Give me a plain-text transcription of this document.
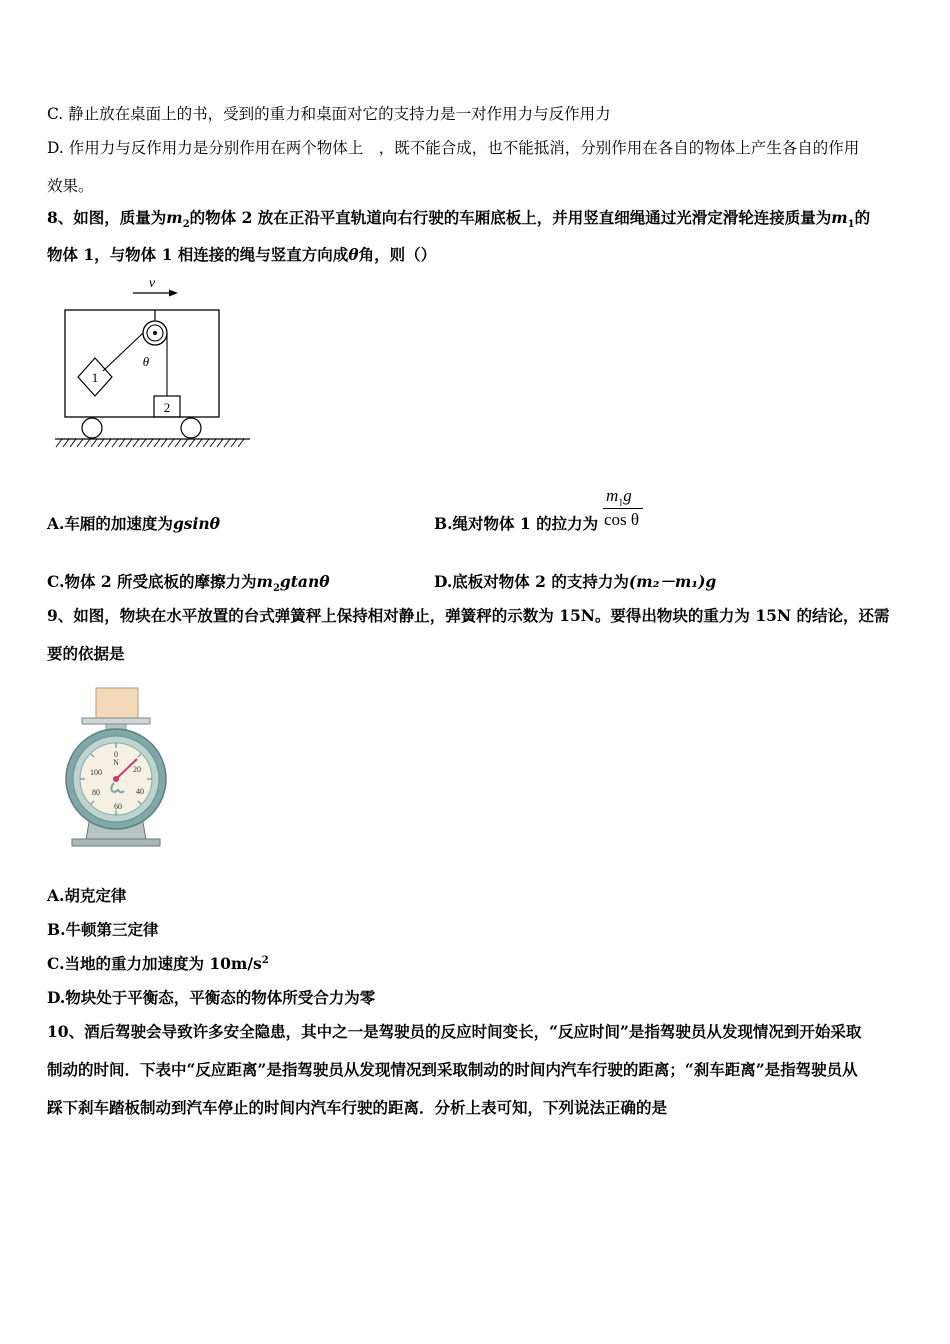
C. 静止放在桌面上的书，受到的重力和桌面对它的支持力是一对作用力与反作用力
D. 作用力与反作用力是分别作用在两个物体上　，既不能合成，也不能抵消，分别作用在各自的物体上产生各自的作用
效果。
8、如图，质量为$m_2$的物体 2 放在正沿平直轨道向右行驶的车厢底板上，并用竖直细绳通过光滑定滑轮连接质量为$m_1$的
物体 1，与物体 1 相连接的绳与竖直方向成θ角，则（）
v
θ
1
2
A.车厢的加速度为gsinθ	B.绳对物体 1 的拉力为
$m_1g$
cos θ
C.物体 2 所受底板的摩擦力为$m_2gtan\theta$	D.底板对物体 2 的支持力为(m₂－m₁)g
9、如图，物块在水平放置的台式弹簧秤上保持相对静止，弹簧秤的示数为 15N。要得出物块的重力为 15N 的结论，还需
要的依据是
0
N
20
40
60
80
100
A.胡克定律
B.牛顿第三定律
C.当地的重力加速度为 $10m/s^2$
D.物块处于平衡态，平衡态的物体所受合力为零
10、酒后驾驶会导致许多安全隐患，其中之一是驾驶员的反应时间变长，“反应时间”是指驾驶员从发现情况到开始采取
制动的时间．下表中“反应距离”是指驾驶员从发现情况到采取制动的时间内汽车行驶的距离；“刹车距离”是指驾驶员从
踩下刹车踏板制动到汽车停止的时间内汽车行驶的距离．分析上表可知，下列说法正确的是
